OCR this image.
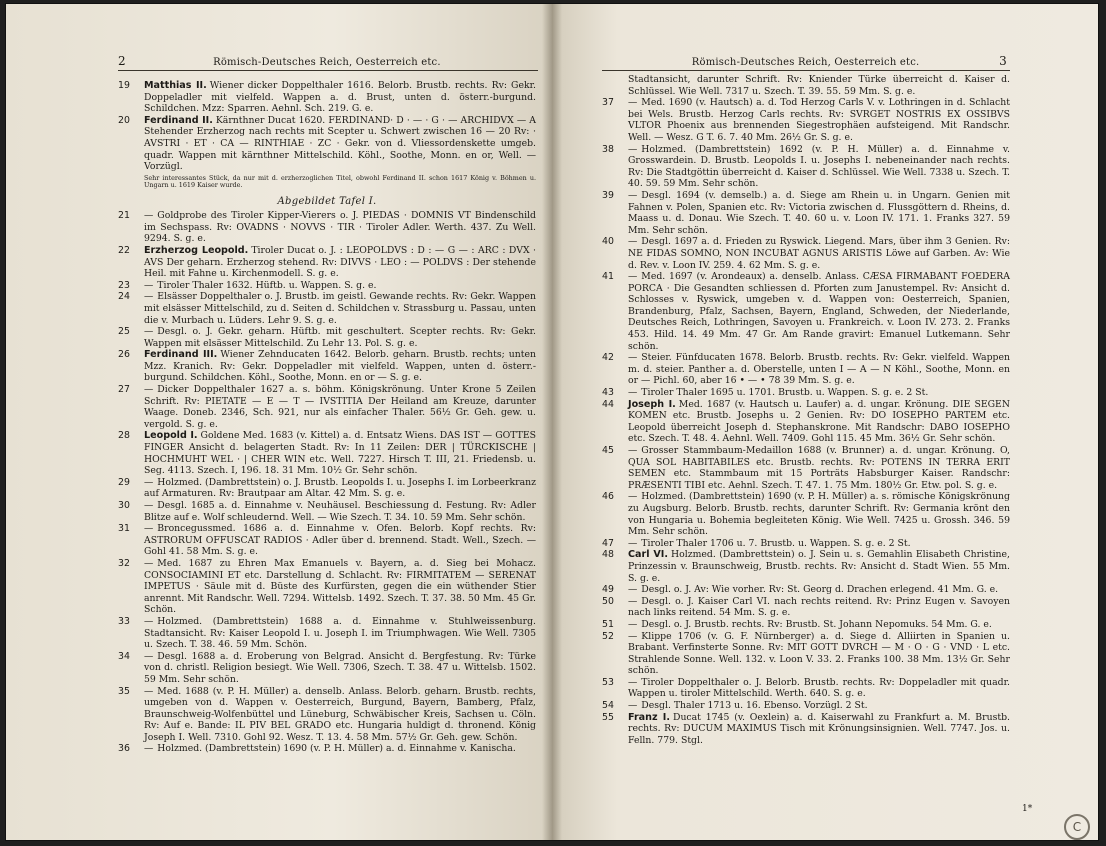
2	Römisch-Deutsches Reich, Oesterreich etc.
19	Matthias II. Wiener dicker Doppelthaler 1616. Belorb. Brustb. rechts. Rv: Gekr. Doppeladler mit vielfeld. Wappen a. d. Brust, unten d. österr.-burgund. Schildchen. Mzz: Sparren. Aehnl. Sch. 219. G. e.
20	Ferdinand II. Kärnthner Ducat 1620. FERDINAND· D · — · G · — ARCHIDVX — A Stehender Erzherzog nach rechts mit Scepter u. Schwert zwischen 16 — 20 Rv: · AVSTRI · ET · CA — RINTHIAE · ZC · Gekr. von d. Vliessordenskette umgeb. quadr. Wappen mit kärnthner Mittelschild. Köhl., Soothe, Monn. en or, Well. — Vorzügl.

Sehr interessantes Stück, da nur mit d. erzherzoglichen Titel, obwohl Ferdinand II. schon 1617 König v. Böhmen u. Ungarn u. 1619 Kaiser wurde.

Abgebildet Tafel I.

21	— Goldprobe des Tiroler Kipper-Vierers o. J. PIEDAS · DOMNIS VT Bindenschild im Sechspass. Rv: OVADNS · NOVVS · TIR · Tiroler Adler. Werth. 437. Zu Well. 9294. S. g. e.
22	Erzherzog Leopold. Tiroler Ducat o. J. : LEOPOLDVS : D : — G — : ARC : DVX · AVS Der geharn. Erzherzog stehend. Rv: DIVVS · LEO : — POLDVS : Der stehende Heil. mit Fahne u. Kirchenmodell. S. g. e.
23	— Tiroler Thaler 1632. Hüftb. u. Wappen. S. g. e.
24	— Elsässer Doppelthaler o. J. Brustb. im geistl. Gewande rechts. Rv: Gekr. Wappen mit elsässer Mittelschild, zu d. Seiten d. Schildchen v. Strassburg u. Passau, unten die v. Murbach u. Lüders. Lehr 9. S. g. e.
25	— Desgl. o. J. Gekr. geharn. Hüftb. mit geschultert. Scepter rechts. Rv: Gekr. Wappen mit elsässer Mittelschild. Zu Lehr 13. Pol. S. g. e.
26	Ferdinand III. Wiener Zehnducaten 1642. Belorb. geharn. Brustb. rechts; unten Mzz. Kranich. Rv: Gekr. Doppeladler mit vielfeld. Wappen, unten d. österr.-burgund. Schildchen. Köhl., Soothe, Monn. en or — S. g. e.
27	— Dicker Doppelthaler 1627 a. s. böhm. Königskrönung. Unter Krone 5 Zeilen Schrift. Rv: PIETATE — E — T — IVSTITIA Der Heiland am Kreuze, darunter Waage. Doneb. 2346, Sch. 921, nur als einfacher Thaler. 56½ Gr. Geh. gew. u. vergold. S. g. e.
28	Leopold I. Goldene Med. 1683 (v. Kittel) a. d. Entsatz Wiens. DAS IST — GOTTES FINGER Ansicht d. belagerten Stadt. Rv: In 11 Zeilen: DER | TÜRCKISCHE | HOCHMUHT WEL · | CHER WIN etc. Well. 7227. Hirsch T. III, 21. Friedensb. u. Seg. 4113. Szech. I, 196. 18. 31 Mm. 10½ Gr. Sehr schön.
29	— Holzmed. (Dambrettstein) o. J. Brustb. Leopolds I. u. Josephs I. im Lorbeerkranz auf Armaturen. Rv: Brautpaar am Altar. 42 Mm. S. g. e.
30	— Desgl. 1685 a. d. Einnahme v. Neuhäusel. Beschiessung d. Festung. Rv: Adler Blitze auf e. Wolf schleudernd. Well. — Wie Szech. T. 34. 10. 59 Mm. Sehr schön.
31	— Broncegussmed. 1686 a. d. Einnahme v. Ofen. Belorb. Kopf rechts. Rv: ASTRORUM OFFUSCAT RADIOS · Adler über d. brennend. Stadt. Well., Szech. — Gohl 41. 58 Mm. S. g. e.
32	— Med. 1687 zu Ehren Max Emanuels v. Bayern, a. d. Sieg bei Mohacz. CONSOCIAMINI ET etc. Darstellung d. Schlacht. Rv: FIRMITATEM — SERENAT IMPETUS · Säule mit d. Büste des Kurfürsten, gegen die ein wüthender Stier anrennt. Mit Randschr. Well. 7294. Wittelsb. 1492. Szech. T. 37. 38. 50 Mm. 45 Gr. Schön.
33	— Holzmed. (Dambrettstein) 1688 a. d. Einnahme v. Stuhlweissenburg. Stadtansicht. Rv: Kaiser Leopold I. u. Joseph I. im Triumphwagen. Wie Well. 7305 u. Szech. T. 38. 46. 59 Mm. Schön.
34	— Desgl. 1688 a. d. Eroberung von Belgrad. Ansicht d. Bergfestung. Rv: Türke von d. christl. Religion besiegt. Wie Well. 7306, Szech. T. 38. 47 u. Wittelsb. 1502. 59 Mm. Sehr schön.
35	— Med. 1688 (v. P. H. Müller) a. denselb. Anlass. Belorb. geharn. Brustb. rechts, umgeben von d. Wappen v. Oesterreich, Burgund, Bayern, Bamberg, Pfalz, Braunschweig-Wolfenbüttel und Lüneburg, Schwäbischer Kreis, Sachsen u. Cöln. Rv: Auf e. Bande: IL PIV BEL GRADO etc. Hungaria huldigt d. thronend. König Joseph I. Well. 7310. Gohl 92. Wesz. T. 13. 4. 58 Mm. 57½ Gr. Geh. gew. Schön.
36	— Holzmed. (Dambrettstein) 1690 (v. P. H. Müller) a. d. Einnahme v. Kanischa.
Römisch-Deutsches Reich, Oesterreich etc.	3

Stadtansicht, darunter Schrift. Rv: Kniender Türke überreicht d. Kaiser d. Schlüssel. Wie Well. 7317 u. Szech. T. 39. 55. 59 Mm. S. g. e.

37	— Med. 1690 (v. Hautsch) a. d. Tod Herzog Carls V. v. Lothringen in d. Schlacht bei Wels. Brustb. Herzog Carls rechts. Rv: SVRGET NOSTRIS EX OSSIBVS VLTOR Phoenix aus brennenden Siegestrophäen aufsteigend. Mit Randschr. Well. — Wesz. G T. 6. 7. 40 Mm. 26½ Gr. S. g. e.
38	— Holzmed. (Dambrettstein) 1692 (v. P. H. Müller) a. d. Einnahme v. Grosswardein. D. Brustb. Leopolds I. u. Josephs I. nebeneinander nach rechts. Rv: Die Stadtgöttin überreicht d. Kaiser d. Schlüssel. Wie Well. 7338 u. Szech. T. 40. 59. 59 Mm. Sehr schön.
39	— Desgl. 1694 (v. demselb.) a. d. Siege am Rhein u. in Ungarn. Genien mit Fahnen v. Polen, Spanien etc. Rv: Victoria zwischen d. Flussgöttern d. Rheins, d. Maass u. d. Donau. Wie Szech. T. 40. 60 u. v. Loon IV. 171. 1. Franks 327. 59 Mm. Sehr schön.
40	— Desgl. 1697 a. d. Frieden zu Ryswick. Liegend. Mars, über ihm 3 Genien. Rv: NE FIDAS SOMNO, NON INCUBAT AGNUS ARISTIS Löwe auf Garben. Av: Wie d. Rev. v. Loon IV. 259. 4. 62 Mm. S. g. e.
41	— Med. 1697 (v. Arondeaux) a. denselb. Anlass. CÆSA FIRMABANT FOEDERA PORCA · Die Gesandten schliessen d. Pforten zum Janustempel. Rv: Ansicht d. Schlosses v. Ryswick, umgeben v. d. Wappen von: Oesterreich, Spanien, Brandenburg, Pfalz, Sachsen, Bayern, England, Schweden, der Niederlande, Deutsches Reich, Lothringen, Savoyen u. Frankreich. v. Loon IV. 273. 2. Franks 453. Hild. 14. 49 Mm. 47 Gr. Am Rande gravirt: Emanuel Lutkemann. Sehr schön.
42	— Steier. Fünfducaten 1678. Belorb. Brustb. rechts. Rv: Gekr. vielfeld. Wappen m. d. steier. Panther a. d. Oberstelle, unten I — A — N Köhl., Soothe, Monn. en or — Pichl. 60, aber 16 • — • 78 39 Mm. S. g. e.
43	— Tiroler Thaler 1695 u. 1701. Brustb. u. Wappen. S. g. e. 2 St.
44	Joseph I. Med. 1687 (v. Hautsch u. Laufer) a. d. ungar. Krönung. DIE SEGEN KOMEN etc. Brustb. Josephs u. 2 Genien. Rv: DO IOSEPHO PARTEM etc. Leopold überreicht Joseph d. Stephanskrone. Mit Randschr: DABO IOSEPHO etc. Szech. T. 48. 4. Aehnl. Well. 7409. Gohl 115. 45 Mm. 36½ Gr. Sehr schön.
45	— Grosser Stammbaum-Medaillon 1688 (v. Brunner) a. d. ungar. Krönung. O, QUA SOL HABITABILES etc. Brustb. rechts. Rv: POTENS IN TERRA ERIT SEMEN etc. Stammbaum mit 15 Porträts Habsburger Kaiser. Randschr: PRÆSENTI TIBI etc. Aehnl. Szech. T. 47. 1. 75 Mm. 180½ Gr. Etw. pol. S. g. e.
46	— Holzmed. (Dambrettstein) 1690 (v. P. H. Müller) a. s. römische Königskrönung zu Augsburg. Belorb. Brustb. rechts, darunter Schrift. Rv: Germania krönt den von Hungaria u. Bohemia begleiteten König. Wie Well. 7425 u. Grossh. 346. 59 Mm. Sehr schön.
47	— Tiroler Thaler 1706 u. 7. Brustb. u. Wappen. S. g. e. 2 St.
48	Carl VI. Holzmed. (Dambrettstein) o. J. Sein u. s. Gemahlin Elisabeth Christine, Prinzessin v. Braunschweig, Brustb. rechts. Rv: Ansicht d. Stadt Wien. 55 Mm. S. g. e.
49	— Desgl. o. J. Av: Wie vorher. Rv: St. Georg d. Drachen erlegend. 41 Mm. G. e.
50	— Desgl. o. J. Kaiser Carl VI. nach rechts reitend. Rv: Prinz Eugen v. Savoyen nach links reitend. 54 Mm. S. g. e.
51	— Desgl. o. J. Brustb. rechts. Rv: Brustb. St. Johann Nepomuks. 54 Mm. G. e.
52	— Klippe 1706 (v. G. F. Nürnberger) a. d. Siege d. Alliirten in Spanien u. Brabant. Verfinsterte Sonne. Rv: MIT GOTT DVRCH — M · O · G · VND · L etc. Strahlende Sonne. Well. 132. v. Loon V. 33. 2. Franks 100. 38 Mm. 13½ Gr. Sehr schön.
53	— Tiroler Doppelthaler o. J. Belorb. Brustb. rechts. Rv: Doppeladler mit quadr. Wappen u. tiroler Mittelschild. Werth. 640. S. g. e.
54	— Desgl. Thaler 1713 u. 16. Ebenso. Vorzügl. 2 St.
55	Franz I. Ducat 1745 (v. Oexlein) a. d. Kaiserwahl zu Frankfurt a. M. Brustb. rechts. Rv: DUCUM MAXIMUS Tisch mit Krönungsinsignien. Well. 7747. Jos. u. Felln. 779. Stgl.
1*
C
